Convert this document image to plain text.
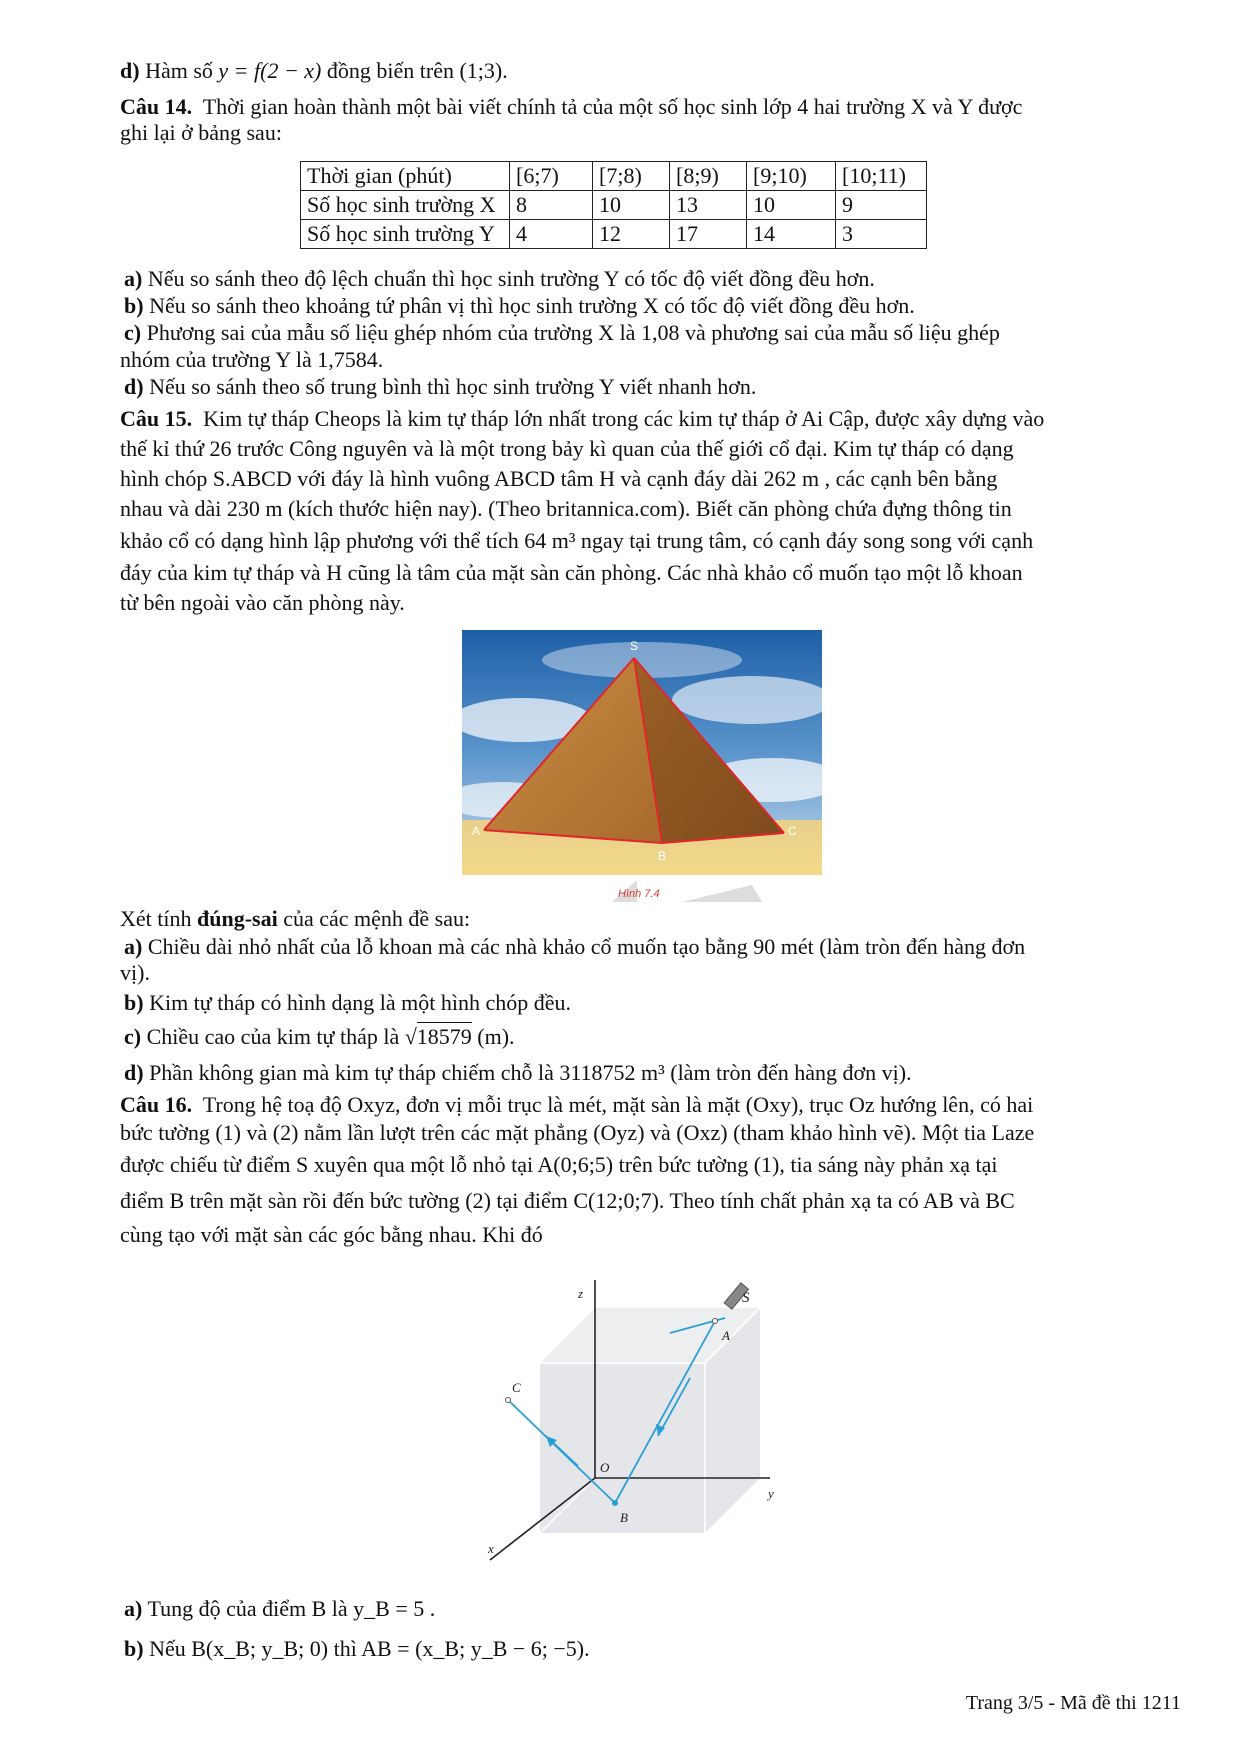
d) Hàm số y = f(2 − x) đồng biến trên (1;3).
Câu 14. Thời gian hoàn thành một bài viết chính tả của một số học sinh lớp 4 hai trường X và Y được
ghi lại ở bảng sau:
Thời gian (phút)	[6;7)	[7;8)	[8;9)	[9;10)	[10;11)
Số học sinh trường X	8	10	13	10	9
Số học sinh trường Y	4	12	17	14	3
a) Nếu so sánh theo độ lệch chuẩn thì học sinh trường Y có tốc độ viết đồng đều hơn.
b) Nếu so sánh theo khoảng tứ phân vị thì học sinh trường X có tốc độ viết đồng đều hơn.
c) Phương sai của mẫu số liệu ghép nhóm của trường X là 1,08 và phương sai của mẫu số liệu ghép
nhóm của trường Y là 1,7584.
d) Nếu so sánh theo số trung bình thì học sinh trường Y viết nhanh hơn.
Câu 15. Kim tự tháp Cheops là kim tự tháp lớn nhất trong các kim tự tháp ở Ai Cập, được xây dựng vào
thế kỉ thứ 26 trước Công nguyên và là một trong bảy kì quan của thế giới cổ đại. Kim tự tháp có dạng
hình chóp S.ABCD với đáy là hình vuông ABCD tâm H và cạnh đáy dài 262 m , các cạnh bên bằng
nhau và dài 230 m (kích thước hiện nay). (Theo britannica.com). Biết căn phòng chứa đựng thông tin
khảo cổ có dạng hình lập phương với thể tích 64 m³ ngay tại trung tâm, có cạnh đáy song song với cạnh
đáy của kim tự tháp và H cũng là tâm của mặt sàn căn phòng. Các nhà khảo cổ muốn tạo một lỗ khoan
từ bên ngoài vào căn phòng này.
S
A
B
C
Hình 7.4
Xét tính đúng-sai của các mệnh đề sau:
a) Chiều dài nhỏ nhất của lỗ khoan mà các nhà khảo cổ muốn tạo bằng 90 mét (làm tròn đến hàng đơn
vị).
b) Kim tự tháp có hình dạng là một hình chóp đều.
c) Chiều cao của kim tự tháp là √18579 (m).
d) Phần không gian mà kim tự tháp chiếm chỗ là 3118752 m³ (làm tròn đến hàng đơn vị).
Câu 16. Trong hệ toạ độ Oxyz, đơn vị mỗi trục là mét, mặt sàn là mặt (Oxy), trục Oz hướng lên, có hai
bức tường (1) và (2) nằm lần lượt trên các mặt phẳng (Oyz) và (Oxz) (tham khảo hình vẽ). Một tia Laze
được chiếu từ điểm S xuyên qua một lỗ nhỏ tại A(0;6;5) trên bức tường (1), tia sáng này phản xạ tại
điểm B trên mặt sàn rồi đến bức tường (2) tại điểm C(12;0;7). Theo tính chất phản xạ ta có AB và BC
cùng tạo với mặt sàn các góc bằng nhau. Khi đó
z
y
x
O
A
B
C
S
a) Tung độ của điểm B là y_B = 5 .
b) Nếu B(x_B; y_B; 0) thì AB = (x_B; y_B − 6; −5).
Trang 3/5 - Mã đề thi 1211
